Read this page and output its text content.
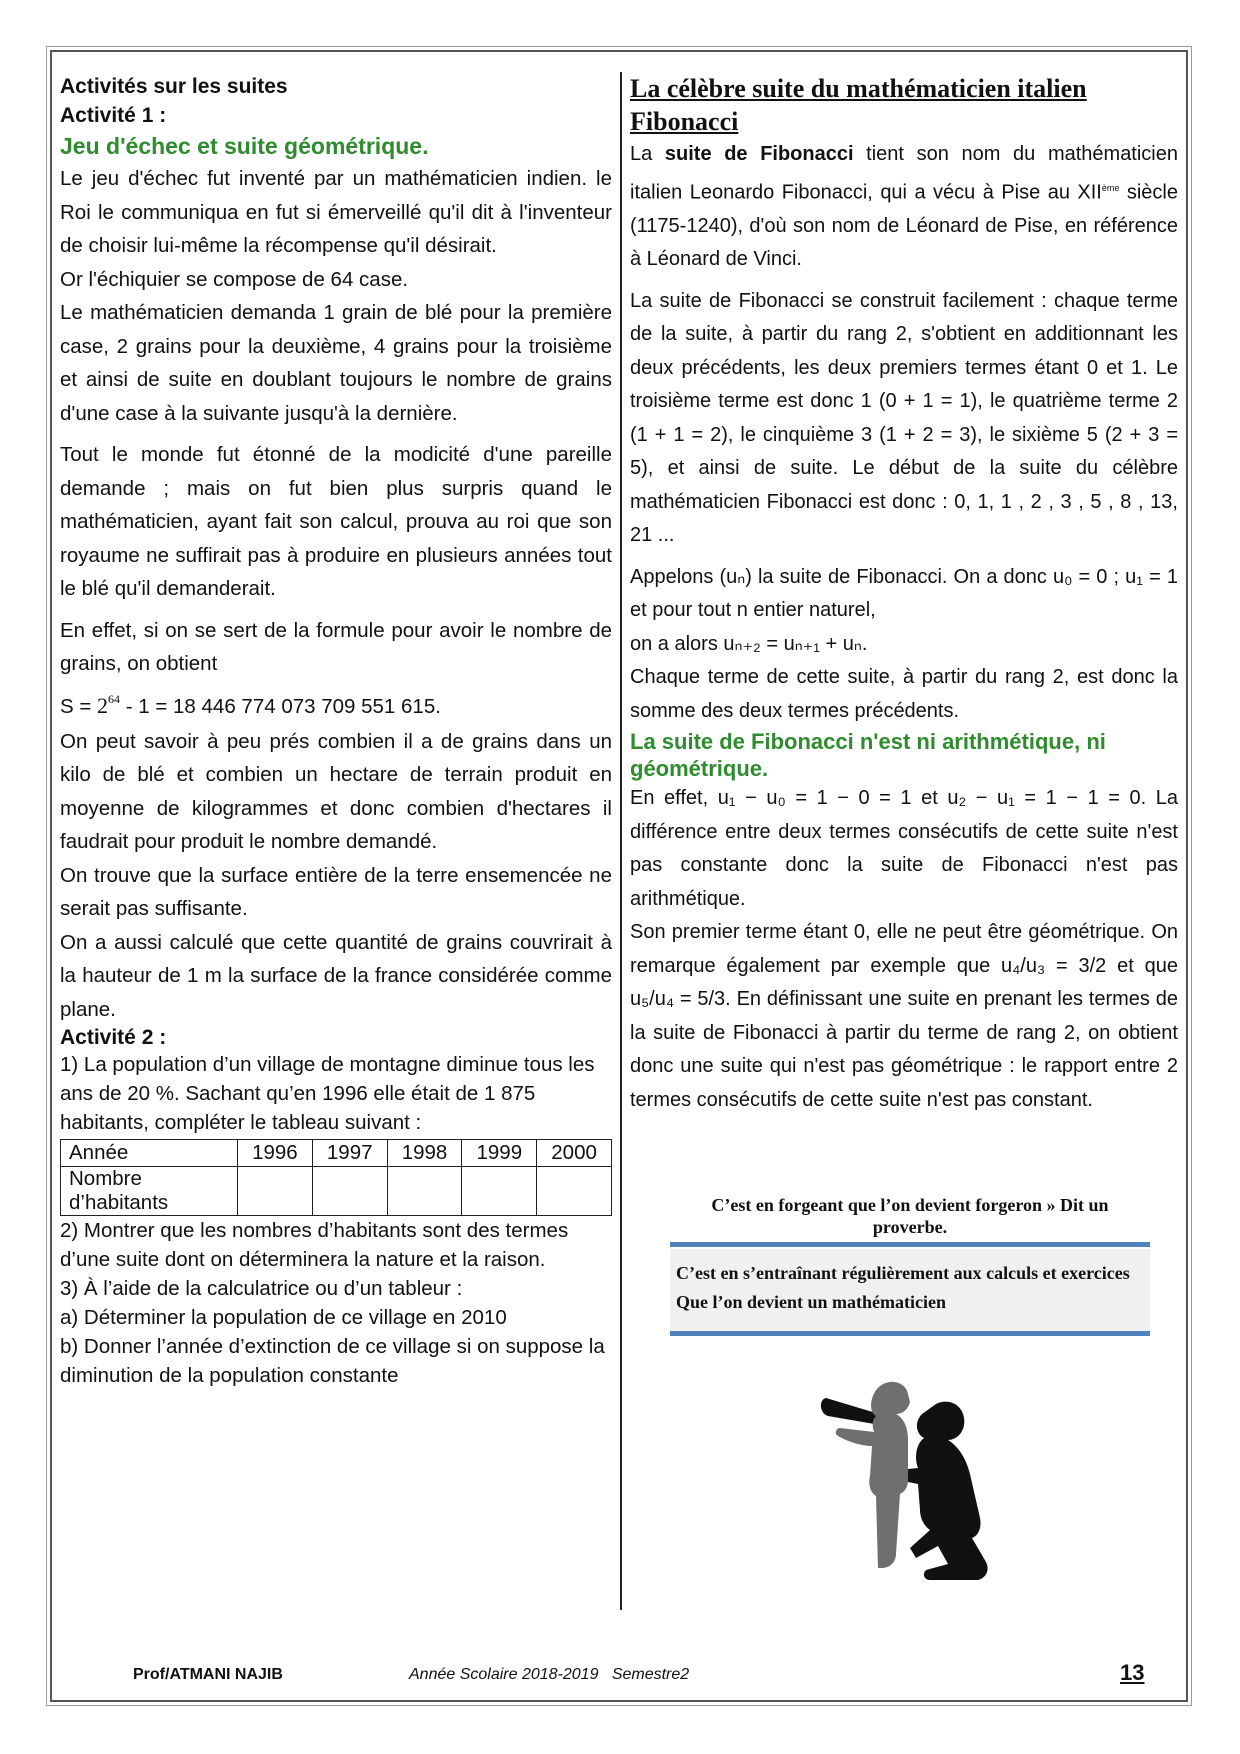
Activités sur les suites
Activité 1 :
Jeu d'échec et suite géométrique.

Le jeu d'échec fut inventé par un mathématicien indien. le Roi le communiqua en fut si émerveillé qu'il dit à l'inventeur de choisir lui-même la récompense qu'il désirait.

Or l'échiquier se compose de 64 case.

Le mathématicien demanda 1 grain de blé pour la première case, 2 grains pour la deuxième, 4 grains pour la troisième et ainsi de suite en doublant toujours le nombre de grains d'une case à la suivante jusqu'à la dernière.

Tout le monde fut étonné de la modicité d'une pareille demande ; mais on fut bien plus surpris quand le mathématicien, ayant fait son calcul, prouva au roi que son royaume ne suffirait pas à produire en plusieurs années tout le blé qu'il demanderait.

En effet, si on se sert de la formule pour avoir le nombre de grains, on obtient

$S = 2^{64} - 1 = 18$ 446 774 073 709 551 615.

On peut savoir à peu prés combien il a de grains dans un kilo de blé et combien un hectare de terrain produit en moyenne de kilogrammes et donc combien d'hectares il faudrait pour produit le nombre demandé.

On trouve que la surface entière de la terre ensemencée ne serait pas suffisante.

On a aussi calculé que cette quantité de grains couvrirait à la hauteur de 1 m la surface de la france considérée comme plane.

Activité 2 :

1) La population d’un village de montagne diminue tous les ans de 20 %. Sachant qu’en 1996 elle était de 1 875 habitants, compléter le tableau suivant :

Année	1996	1997	1998	1999	2000
Nombre
d’habitants					

2) Montrer que les nombres d’habitants sont des termes d’une suite dont on déterminera la nature et la raison.

3) À l’aide de la calculatrice ou d’un tableur :

a) Déterminer la population de ce village en 2010

b) Donner l’année d’extinction de ce village si on suppose la diminution de la population constante

La célèbre suite du mathématicien italien Fibonacci

La suite de Fibonacci tient son nom du mathématicien italien Leonardo Fibonacci, qui a vécu à Pise au XIIème siècle (1175-1240), d'où son nom de Léonard de Pise, en référence à Léonard de Vinci.

La suite de Fibonacci se construit facilement : chaque terme de la suite, à partir du rang 2, s'obtient en additionnant les deux précédents, les deux premiers termes étant 0 et 1. Le troisième terme est donc 1 (0 + 1 = 1), le quatrième terme 2 (1 + 1 = 2), le cinquième 3 (1 + 2 = 3), le sixième 5 (2 + 3 = 5), et ainsi de suite. Le début de la suite du célèbre mathématicien Fibonacci est donc : 0, 1, 1 , 2 , 3 , 5 , 8 , 13, 21 ...

Appelons (uₙ) la suite de Fibonacci. On a donc u₀ = 0 ; u₁ = 1 et pour tout n entier naturel,

on a alors uₙ₊₂ = uₙ₊₁ + uₙ.

Chaque terme de cette suite, à partir du rang 2, est donc la somme des deux termes précédents.

La suite de Fibonacci n'est ni arithmétique, ni géométrique.

En effet, u₁ − u₀ = 1 − 0 = 1 et u₂ − u₁ = 1 − 1 = 0. La différence entre deux termes consécutifs de cette suite n'est pas constante donc la suite de Fibonacci n'est pas arithmétique.

Son premier terme étant 0, elle ne peut être géométrique. On remarque également par exemple que u₄/u₃ = 3/2 et que u₅/u₄ = 5/3. En définissant une suite en prenant les termes de la suite de Fibonacci à partir du terme de rang 2, on obtient donc une suite qui n'est pas géométrique : le rapport entre 2 termes consécutifs de cette suite n'est pas constant.

C’est en forgeant que l’on devient forgeron » Dit un proverbe.
C’est en s’entraînant régulièrement aux calculs et exercices Que l’on devient un mathématicien
Prof/ATMANI NAJIB	Année Scolaire 2018-2019   Semestre2	13
